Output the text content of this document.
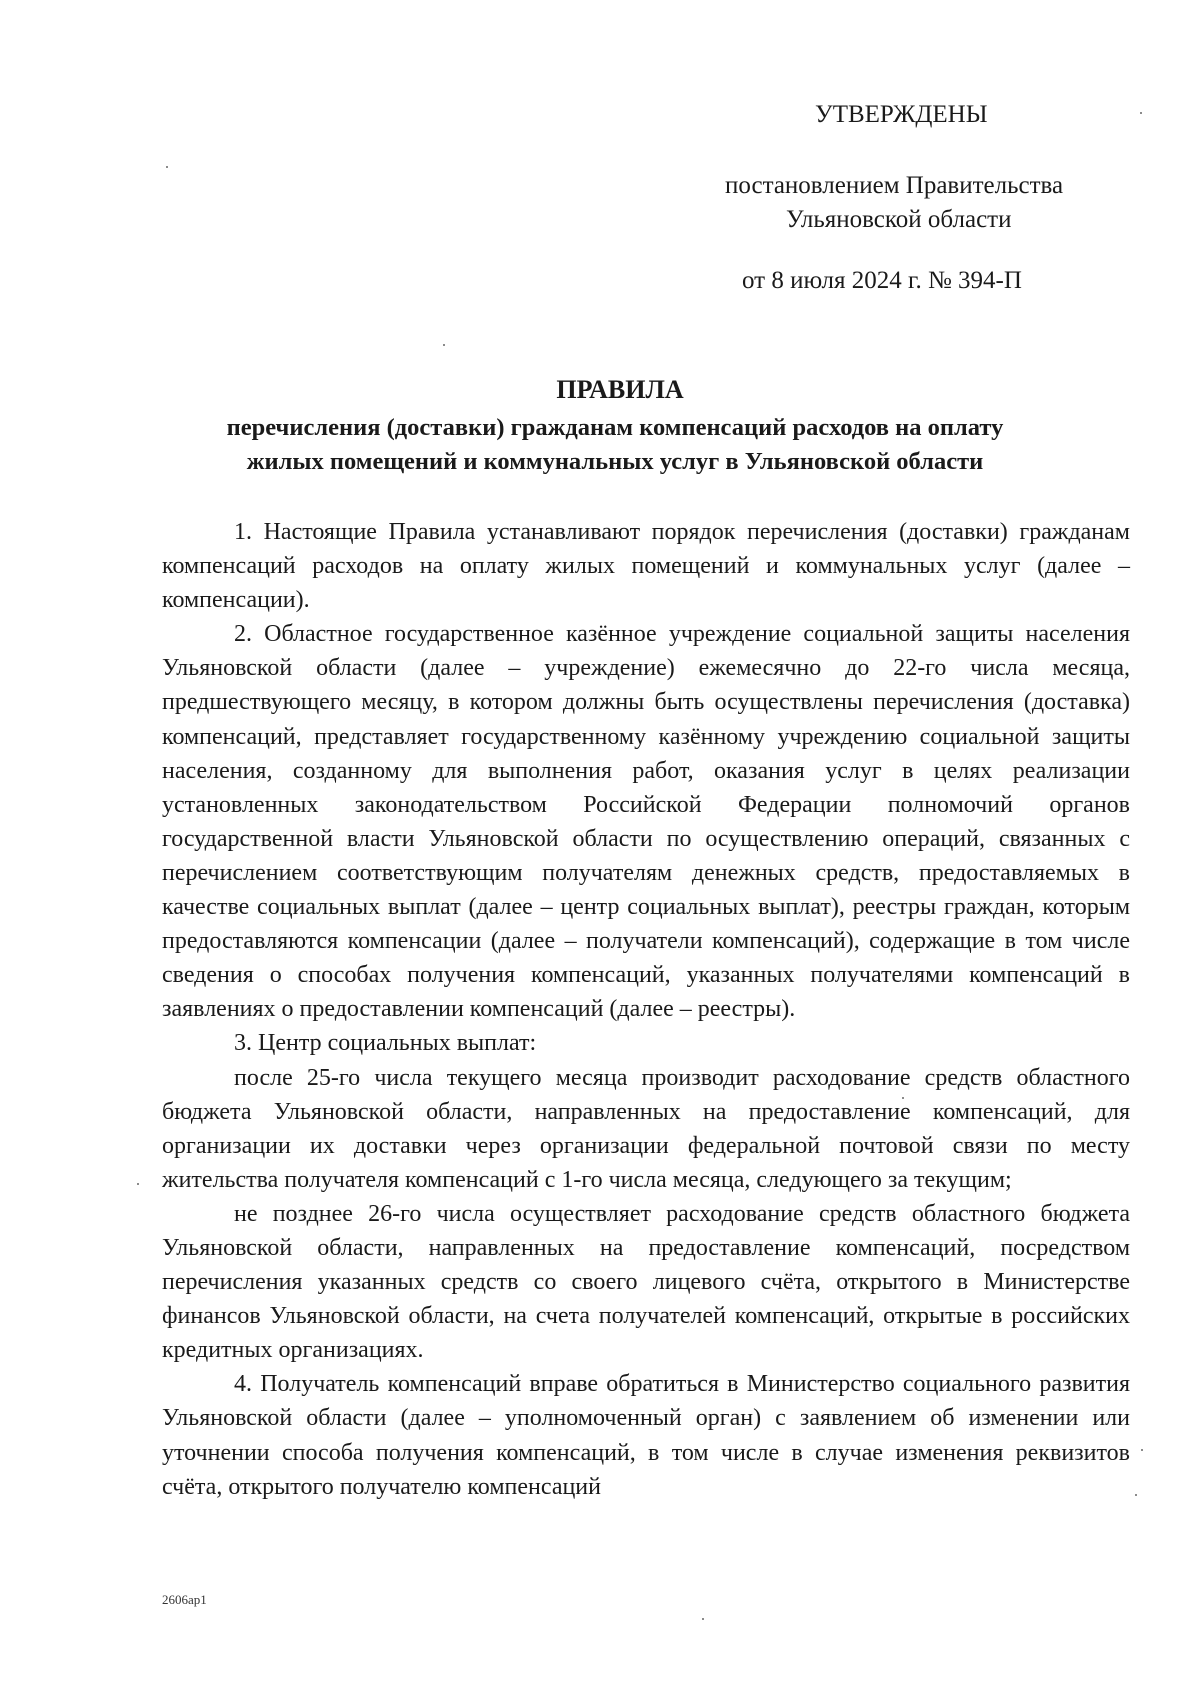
УТВЕРЖДЕНЫ
постановлением Правительства
Ульяновской области
от 8 июля 2024 г. № 394-П
ПРАВИЛА
перечисления (доставки) гражданам компенсаций расходов на оплату
жилых помещений и коммунальных услуг в Ульяновской области

1. Настоящие Правила устанавливают порядок перечисления (доставки) гражданам компенсаций расходов на оплату жилых помещений и коммунальных услуг (далее – компенсации).

2. Областное государственное казённое учреждение социальной защиты населения Ульяновской области (далее – учреждение) ежемесячно до 22-го числа месяца, предшествующего месяцу, в котором должны быть осуществлены перечисления (доставка) компенсаций, представляет государственному казённому учреждению социальной защиты населения, созданному для выполнения работ, оказания услуг в целях реализации установленных законодательством Российской Федерации полномочий органов государственной власти Ульяновской области по осуществлению операций, связанных с перечислением соответствующим получателям денежных средств, предоставляемых в качестве социальных выплат (далее – центр социальных выплат), реестры граждан, которым предоставляются компенсации (далее – получатели компенсаций), содержащие в том числе сведения о способах получения компенсаций, указанных получателями компенсаций в заявлениях о предоставлении компенсаций (далее – реестры).

3. Центр социальных выплат:

после 25-го числа текущего месяца производит расходование средств областного бюджета Ульяновской области, направленных на предоставление компенсаций, для организации их доставки через организации федеральной почтовой связи по месту жительства получателя компенсаций с 1-го числа месяца, следующего за текущим;

не позднее 26-го числа осуществляет расходование средств областного бюджета Ульяновской области, направленных на предоставление компенсаций, посредством перечисления указанных средств со своего лицевого счёта, открытого в Министерстве финансов Ульяновской области, на счета получателей компенсаций, открытые в российских кредитных организациях.

4. Получатель компенсаций вправе обратиться в Министерство социального развития Ульяновской области (далее – уполномоченный орган) с заявлением об изменении или уточнении способа получения компенсаций, в том числе в случае изменения реквизитов счёта, открытого получателю компенсаций

2606ap1
